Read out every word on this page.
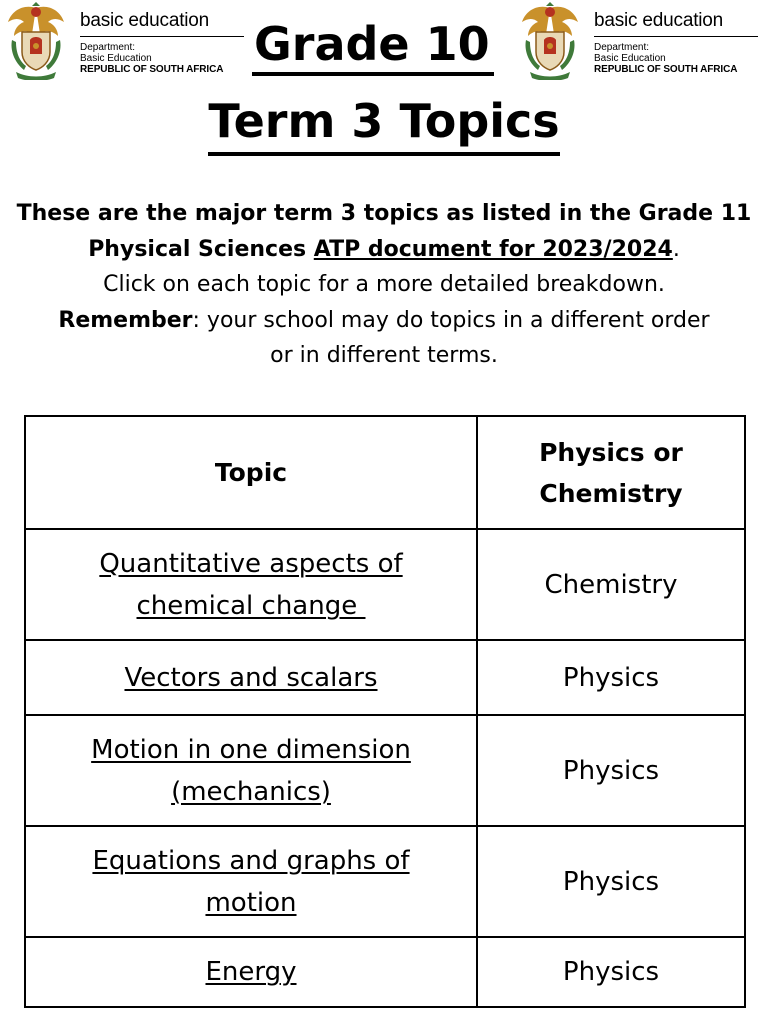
basic education
Department:
Basic Education
REPUBLIC OF SOUTH AFRICA Grade 10	basic education
Department:
Basic Education
REPUBLIC OF SOUTH AFRICA
Term 3 Topics
These are the major term 3 topics as listed in the Grade 11
Physical Sciences ATP document for 2023/2024.
Click on each topic for a more detailed breakdown.
Remember: your school may do topics in a different order
or in different terms.
Topic	Physics or
Chemistry
Quantitative aspects of
chemical change	Chemistry
Vectors and scalars	Physics
Motion in one dimension
(mechanics)	Physics
Equations and graphs of
motion	Physics
Energy	Physics
